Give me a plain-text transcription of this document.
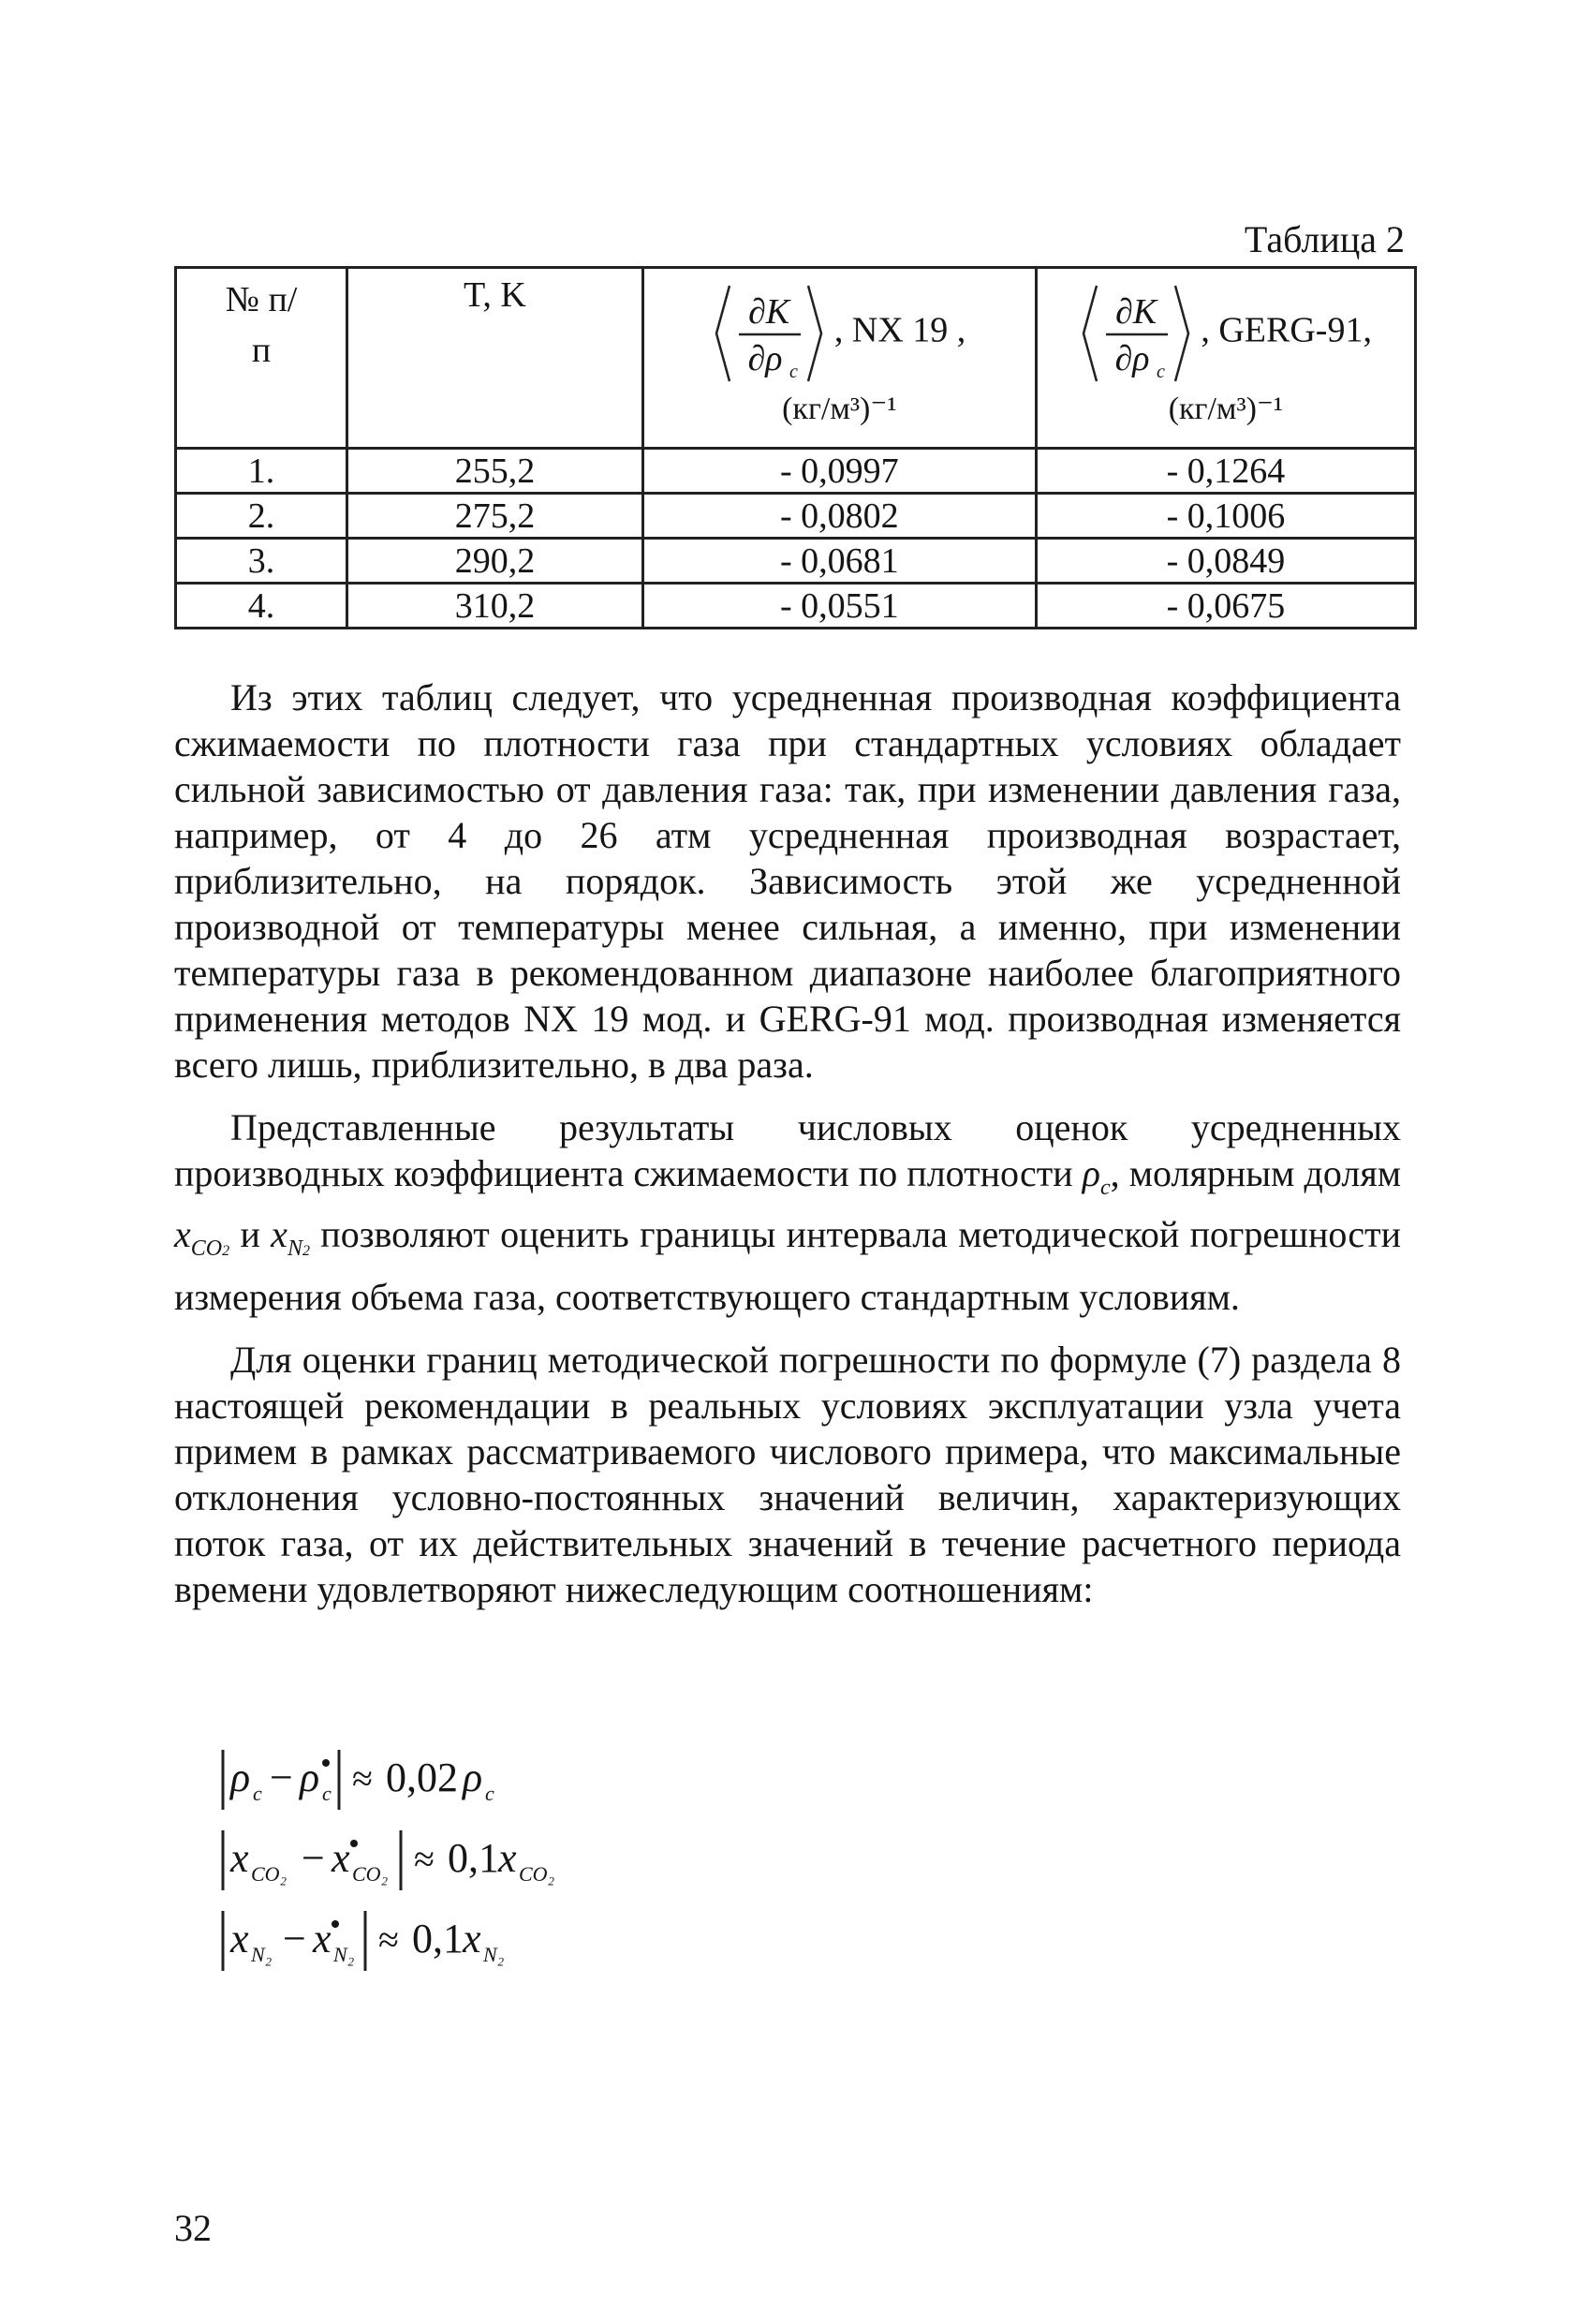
Таблица 2
№ п/п	T, K	∂K
∂ρ c
, NX 19 ,
(кг/м³)⁻¹	∂K
∂ρ c
, GERG-91,
(кг/м³)⁻¹

1.	255,2	- 0,0997	- 0,1264
2.	275,2	- 0,0802	- 0,1006
3.	290,2	- 0,0681	- 0,0849
4.	310,2	- 0,0551	- 0,0675

Из этих таблиц следует, что усредненная производная коэффициента сжимаемости по плотности газа при стандартных условиях обладает сильной зависимостью от давления газа: так, при изменении давления газа, например, от 4 до 26 атм усредненная производная возрастает, приблизительно, на порядок. Зависимость этой же усредненной производной от температуры менее сильная, а именно, при изменении температуры газа в рекомендованном диапазоне наиболее благоприятного применения методов NX 19 мод. и GERG-91 мод. производная изменяется всего лишь, приблизительно, в два раза.

Представленные результаты числовых оценок усредненных производных коэффициента сжимаемости по плотности $\rho_c$, молярным долям $x_{CO2}$ и $x_{N2}$ позволяют оценить границы интервала методической погрешности измерения объема газа, соответствующего стандартным условиям.

Для оценки границ методической погрешности по формуле (7) раздела 8 настоящей рекомендации в реальных условиях эксплуатации узла учета примем в рамках рассматриваемого числового примера, что максимальные отклонения условно-постоянных значений величин, характеризующих поток газа, от их действительных значений в течение расчетного периода времени удовлетворяют нижеследующим соотношениям:

ρ c − ρ c ≈ 0,02 ρ c
x CO₂ − x CO₂ ≈ 0,1 x CO₂
x N₂ − x N₂ ≈ 0,1 x N₂
32
